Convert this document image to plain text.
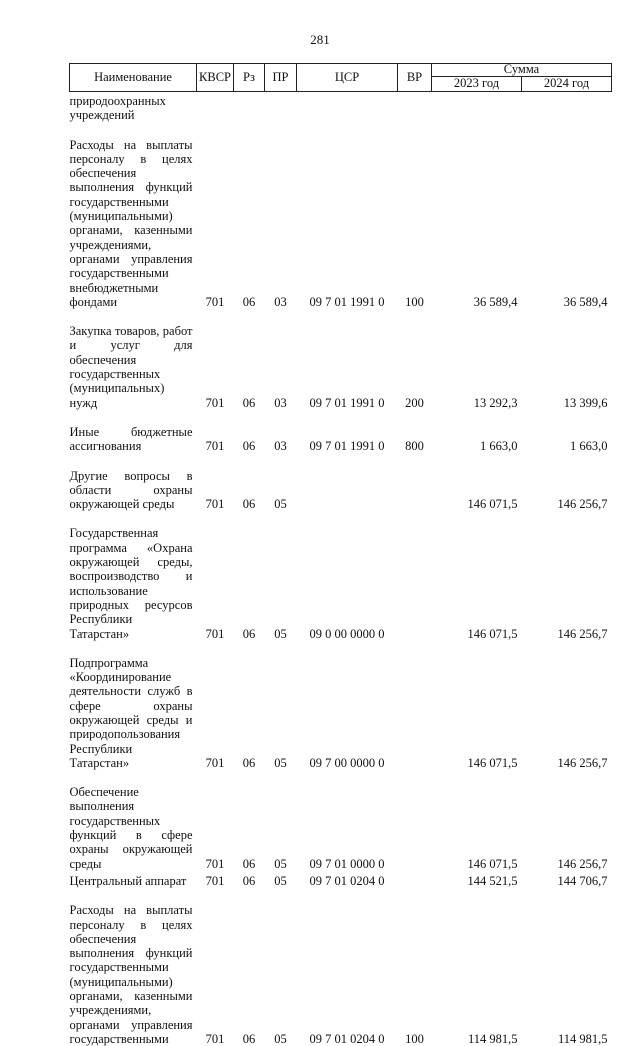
281
Наименование	КВСР	Рз	ПР	ЦСР	ВР	Сумма	
						2023 год	2024 год
природоохранных учреждений							
Расходы на выплаты персоналу в целях обеспечения выполнения функций государственными (муниципальными) органами, казенными учреждениями, органами управления государственными внебюджетными фондами	701	06	03	09 7 01 1991 0	100	36 589,4	36 589,4
Закупка товаров, работ и услуг для обеспечения государственных (муниципальных) нужд	701	06	03	09 7 01 1991 0	200	13 292,3	13 399,6
Иные бюджетные ассигнования	701	06	03	09 7 01 1991 0	800	1 663,0	1 663,0
Другие вопросы в области охраны окружающей среды	701	06	05			146 071,5	146 256,7
Государственная программа «Охрана окружающей среды, воспроизводство и использование природных ресурсов Республики Татарстан»	701	06	05	09 0 00 0000 0		146 071,5	146 256,7
Подпрограмма «Координирование деятельности служб в сфере охраны окружающей среды и природопользования Республики Татарстан»	701	06	05	09 7 00 0000 0		146 071,5	146 256,7
Обеспечение выполнения государственных функций в сфере охраны окружающей среды	701	06	05	09 7 01 0000 0		146 071,5	146 256,7
Центральный аппарат	701	06	05	09 7 01 0204 0		144 521,5	144 706,7
Расходы на выплаты персоналу в целях обеспечения выполнения функций государственными (муниципальными) органами, казенными учреждениями, органами управления государственными	701	06	05	09 7 01 0204 0	100	114 981,5	114 981,5
